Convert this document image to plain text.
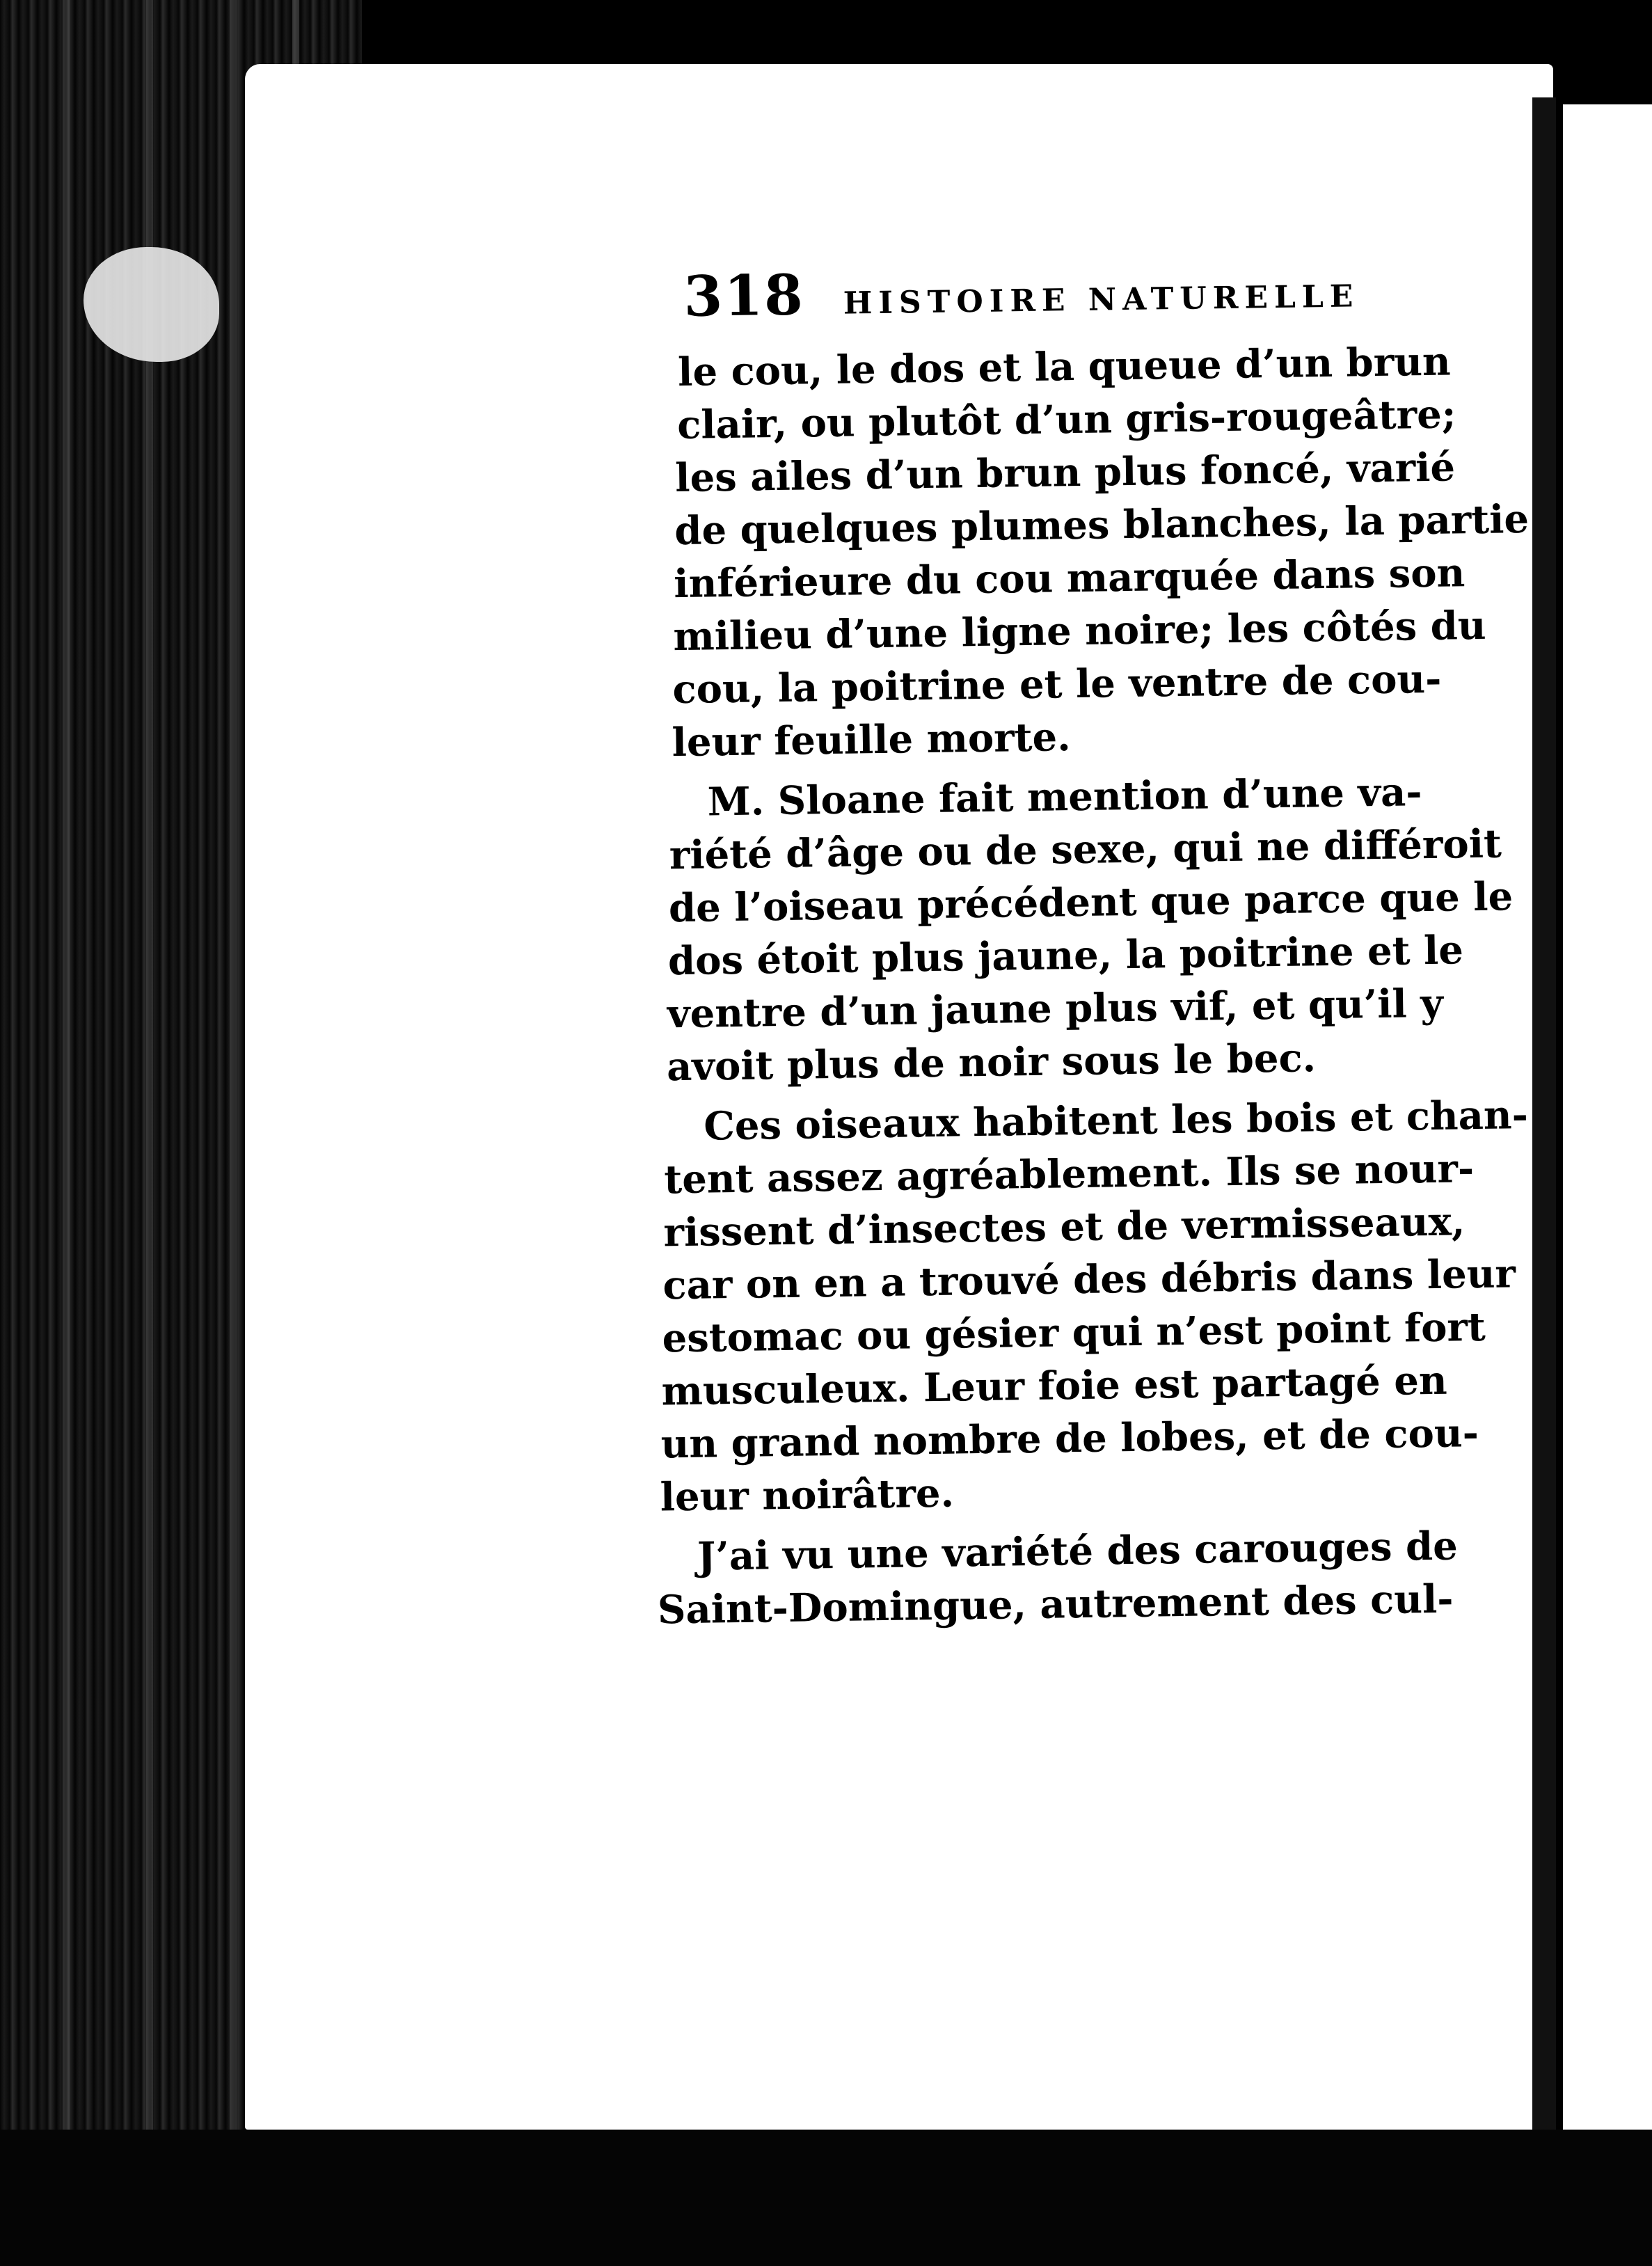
318 HISTOIRE NATURELLE
le cou, le dos et la queue d’un brun
clair, ou plutôt d’un gris-rougeâtre;
les ailes d’un brun plus foncé, varié
de quelques plumes blanches, la partie
inférieure du cou marquée dans son
milieu d’une ligne noire; les côtés du
cou, la poitrine et le ventre de cou-
leur feuille morte.
M. Sloane fait mention d’une va-
riété d’âge ou de sexe, qui ne différoit
de l’oiseau précédent que parce que le
dos étoit plus jaune, la poitrine et le
ventre d’un jaune plus vif, et qu’il y
avoit plus de noir sous le bec.
Ces oiseaux habitent les bois et chan-
tent assez agréablement. Ils se nour-
rissent d’insectes et de vermisseaux,
car on en a trouvé des débris dans leur
estomac ou gésier qui n’est point fort
musculeux. Leur foie est partagé en
un grand nombre de lobes, et de cou-
leur noirâtre.
J’ai vu une variété des carouges de
Saint-Domingue, autrement des cul-
